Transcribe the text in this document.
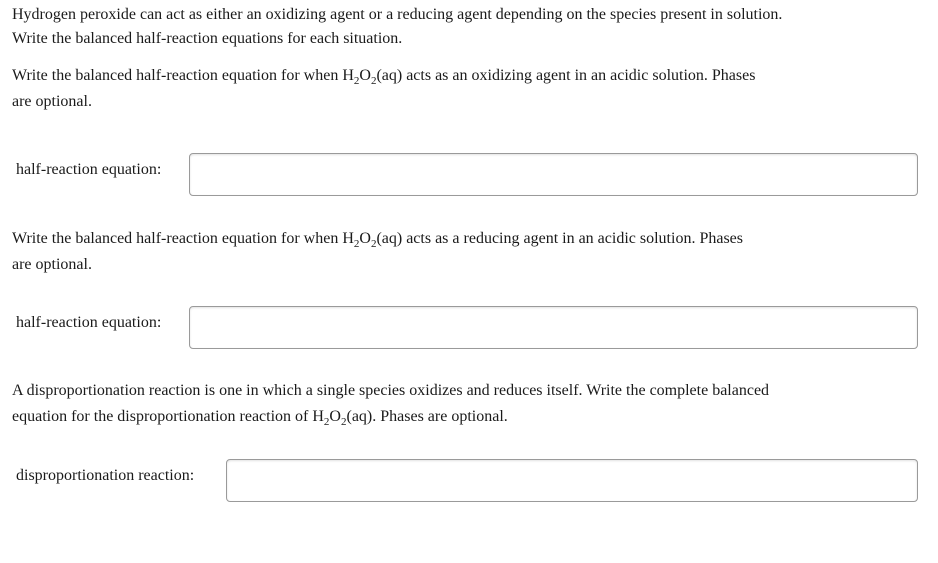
Hydrogen peroxide can act as either an oxidizing agent or a reducing agent depending on the species present in solution.
Write the balanced half-reaction equations for each situation.

Write the balanced half-reaction equation for when $H_2O_2(aq)$ acts as an oxidizing agent in an acidic solution. Phases
are optional.

half-reaction equation:

Write the balanced half-reaction equation for when $H_2O_2(aq)$ acts as a reducing agent in an acidic solution. Phases
are optional.

half-reaction equation:

A disproportionation reaction is one in which a single species oxidizes and reduces itself. Write the complete balanced
equation for the disproportionation reaction of $H_2O_2(aq)$. Phases are optional.

disproportionation reaction:
